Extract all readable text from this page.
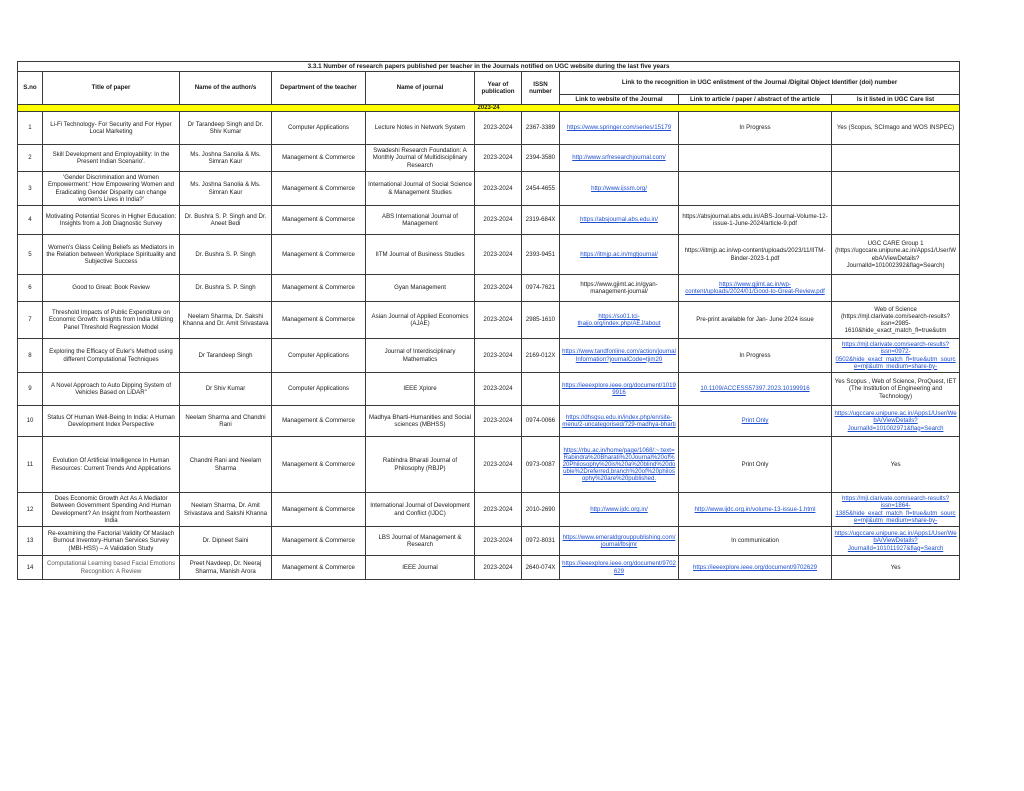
3.3.1 Number of research papers published per teacher in the Journals notified on UGC website during the last five years									
S.no	Title of paper	Name of the author/s	Department of the teacher	Name of journal	Year of publication	ISSN number	Link to the recognition in UGC enlistment of the Journal /Digital Object Identifier (doi) number		
							Link to website of the Journal	Link to article / paper / abstract of the article	Is it listed in UGC Care list
2023-24									
1	Li-Fi Technology- For Security and For Hyper Local Marketing	Dr Tarandeep Singh and Dr. Shiv Kumar	Computer Applications	Lecture Notes in Network System	2023-2024	2367-3389	https://www.springer.com/series/15179	In Progress	Yes (Scopus, SCImago and WOS INSPEC)
2	Skill Development and Employability: In the Present Indian Scenario'.	Ms. Joshna Sanolia & Ms. Simran Kaur	Management & Commerce	Swadeshi Research Foundation: A Monthly Journal of Multidisciplinary Research	2023-2024	2394-3580	http://www.srfresearchjournal.com/		
3	'Gender Discrimination and Women Empowerment:' How Empowering Women and Eradicating Gender Disparity can change women's Lives in India?'	Ms. Joshna Sanolia & Ms. Simran Kaur	Management & Commerce	International Journal of Social Science & Management Studies	2023-2024	2454-4655	http://www.ijssm.org/		
4	Motivating Potential Scores in Higher Education: Insights from a Job Diagnostic Survey	Dr. Bushra S. P. Singh and Dr. Aneet Bedi	Management & Commerce	ABS International Journal of Management	2023-2024	2319-684X	https://absjournal.abs.edu.in/	https://absjournal.abs.edu.in/ABS-Journal-Volume-12-issue-1-June-2024/article-9.pdf	
5	Women's Glass Ceiling Beliefs as Mediators in the Relation between Workplace Spirituality and Subjective Success	Dr. Bushra S. P. Singh	Management & Commerce	IITM Journal of Business Studies	2023-2024	2393-9451	https://itmjp.ac.in/mgtjournal/	https://iitmjp.ac.in/wp-content/uploads/2023/11/IITM-Binder-2023-1.pdf	UGC CARE Group 1 (https://ugccare.unipune.ac.in/Apps1/User/WebA/ViewDetails?JournalId=101002392&flag=Search)
6	Good to Great: Book Review	Dr. Bushra S. P. Singh	Management & Commerce	Gyan Management	2023-2024	0974-7621	https://www.gjimt.ac.in/gyan-management-journal/	https://www.gjimt.ac.in/wp-content/uploads/2024/01/Good-to-Great-Review.pdf	
7	Threshold Impacts of Public Expenditure on Economic Growth: Insights from India Utilizing Panel Threshold Regression Model	Neelam Sharma, Dr. Sakshi Khanna and Dr. Amit Srivastava	Management & Commerce	Asian Journal of Applied Economics (AJAE)	2023-2024	2985-1610	https://so01.tci-thaijo.org/index.php/AEJ/about	Pre-print available for Jan- June 2024 issue	Web of Science (https://mjl.clarivate.com/search-results?issn=2985-1610&hide_exact_match_fl=true&utm
8	Exploring the Efficacy of Euler's Method using different Computational Techniques	Dr Tarandeep Singh	Computer Applications	Journal of Interdisciplinary Mathematics	2023-2024	2169-012X	https://www.tandfonline.com/action/journalInformation?journalCode=tjim20	In Progress	https://mjl.clarivate.com/search-results?issn=0972-0502&hide_exact_match_fl=true&utm_source=mjl&utm_medium=share-by-
9	A Novel Approach to Auto Dipping System of Vehicles Based on LiDAR"	Dr Shiv Kumar	Computer Applications	IEEE Xplore	2023-2024		https://ieeexplore.ieee.org/document/10199916	10.1109/ACCESS57397.2023.10199916	Yes Scopus , Web of Science, ProQuest, IET (The Institution of Engineering and Technology)
10	Status Of Human Well-Being In India: A Human Development Index Perspective	Neelam Sharma and Chandni Rani	Management & Commerce	Madhya Bharti-Humanities and Social sciences (MBHSS)	2023-2024	0974-0066	https://dhsgsu.edu.in/index.php/en/site-menu/2-uncategorised/729-madhya-bharti	Print Only	https://ugccare.unipune.ac.in/Apps1/User/WebA/ViewDetails?JournalId=101002971&flag=Search
11	Evolution Of Artificial Intelligence In Human Resources: Current Trends And Applications	Chandni Rani and Neelam Sharma	Management & Commerce	Rabindra Bharati Journal of Philosophy (RBJP)	2023-2024	0973-0087	https://rbu.ac.in/home/page/1068/:~:text=Rabindra%20Bharati%20Journal%20of%20Philosophy%20is%20a%20blind%20double%2Dreferred,branch%20of%20philosophy%20are%20published.	Print Only	Yes
12	Does Economic Growth Act As A Mediator Between Government Spending And Human Development? An Insight from Northeastern India	Neelam Sharma, Dr. Amit Srivastava and Sakshi Khanna	Management & Commerce	International Journal of Development and Conflict (IJDC)	2023-2024	2010-2690	http://www.ijdc.org.in/	http://www.ijdc.org.in/volume-13-issue-1.html	https://mjl.clarivate.com/search-results?issn=1864-1385&hide_exact_match_fl=true&utm_source=mjl&utm_medium=share-by-
13	Re-examining the Factorial Validity Of Maslach Burnout Inventory-Human Services Survey (MBI-HSS) – A Validation Study	Dr. Dipneet Saini	Management & Commerce	LBS Journal of Management & Research	2023-2024	0972-8031	https://www.emeraldgrouppublishing.com/journal/lbsjmr	In communication	https://ugccare.unipune.ac.in/Apps1/User/WebA/ViewDetails?JournalId=101011927&flag=Search
14	Computational Learning based Facial Emotions Recognition: A Review	Preet Navdeep, Dr. Neeraj Sharma, Manish Arora	Management & Commerce	IEEE Journal	2023-2024	2640-074X	https://ieeexplore.ieee.org/document/9702629	https://ieeexplore.ieee.org/document/9702629	Yes
